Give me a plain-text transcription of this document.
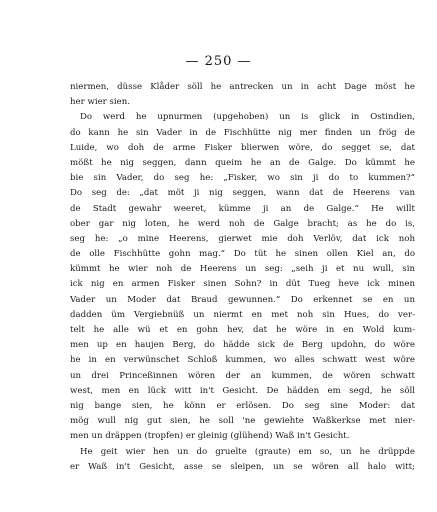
— 250 —
niermen, düsse Klåder söll he antrecken un in acht Dage möst he
her wier sien.
Do werd he upnurmen (upgehoben) un is glick in Ostindien,
do kann he sin Vader in de Fischhütte nig mer finden un frög de
Luide, wo doh de arme Fisker blierwen wöre, do segget se, dat
mößt he nig seggen, dann queim he an de Galge. Do kümmt he
bie sin Vader, do seg he: „Fisker, wo sin ji do to kummen?“
Do seg de: „dat möt ji nig seggen, wann dat de Heerens van
de Stadt gewahr weeret, kümme ji an de Galge.“ He willt
ober gar nig loten, he werd noh de Galge bracht; as he do is,
seg he: „o mine Heerens, gierwet mie doh Verlöv, dat ick noh
de olle Fischhütte gohn mag.“ Do tüt he sinen ollen Kiel an, do
kümmt he wier noh de Heerens un seg: „seih ji et nu wull, sin
ick nig en armen Fisker sinen Sohn? in düt Tueg heve ick minen
Vader un Moder dat Braud gewunnen.“ Do erkennet se en un
dadden üm Vergiebnüß un niermt en met noh sin Hues, do ver-
telt he alle wü et en gohn hev, dat he wöre in en Wold kum-
men up en haujen Berg, do hädde sick de Berg updohn, do wöre
he in en verwünschet Schloß kummen, wo alles schwatt west wöre
un drei Princeßinnen wören der an kummen, de wören schwatt
west, men en lück witt in't Gesicht. De hädden em segd, he söll
nig bange sien, he könn er erlösen. Do seg sine Moder: dat
mög wull nig gut sien, he soll 'ne gewiehte Waßkerkse met nier-
men un dräppen (tropfen) er gleinig (glühend) Waß in't Gesicht.
He geit wier hen un do gruelte (graute) em so, un he drüppde
er Waß in't Gesicht, asse se sleipen, un se wören all halo witt;
